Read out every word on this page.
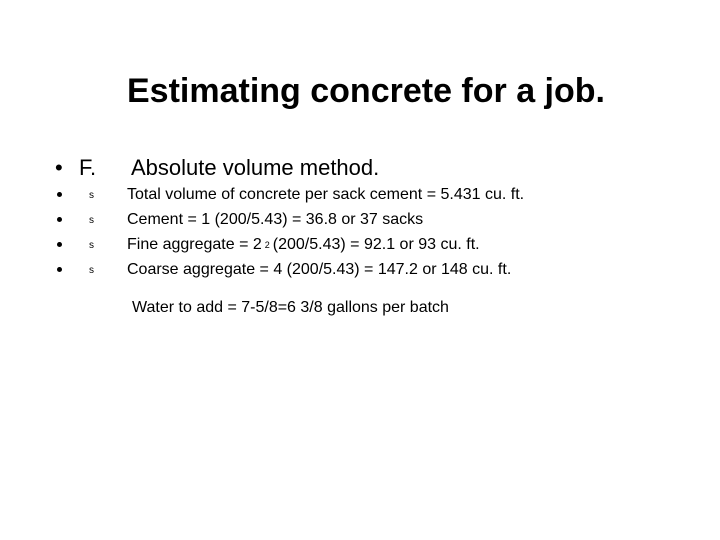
Estimating concrete for a job.
• F. Absolute volume method.
s Total volume of concrete per sack cement = 5.431 cu. ft.
s Cement = 1 (200/5.43) = 36.8 or 37 sacks
s Fine aggregate = 2 2 (200/5.43) = 92.1 or 93 cu. ft.
s Coarse aggregate = 4 (200/5.43) = 147.2 or 148 cu. ft.
Water to add = 7-5/8=6 3/8 gallons per batch
